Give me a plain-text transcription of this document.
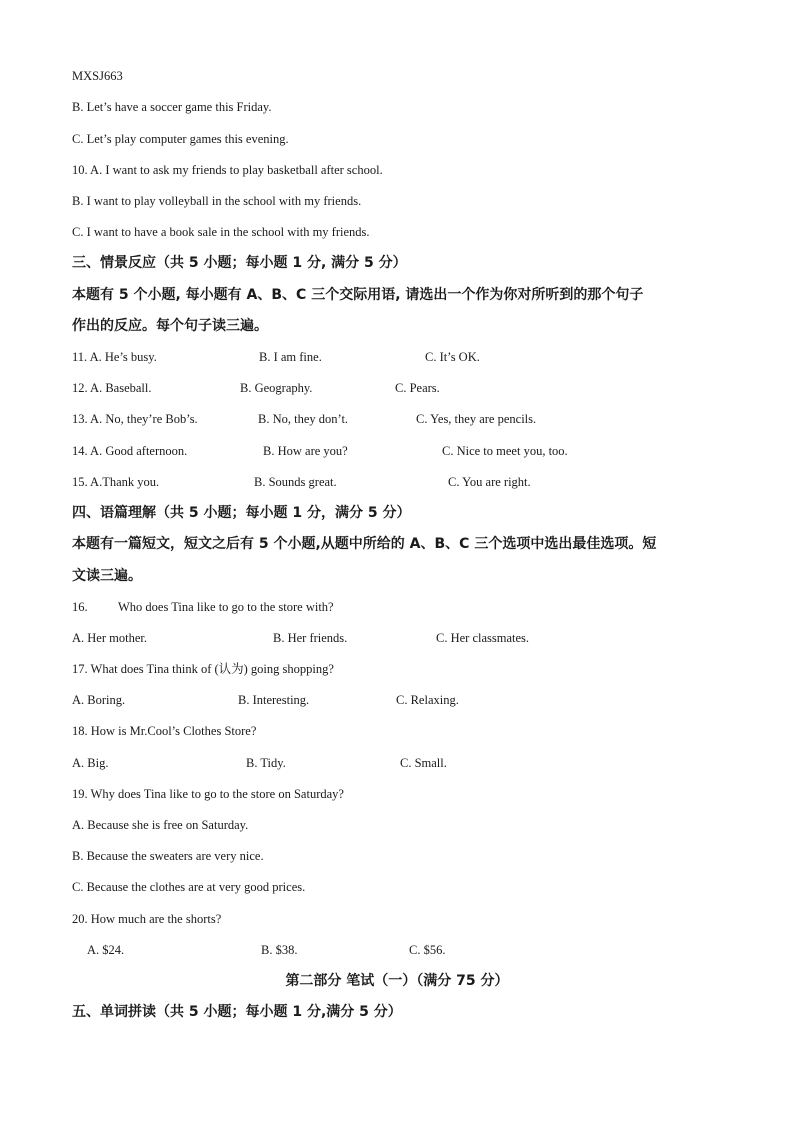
MXSJ663
B. Let’s have a soccer game this Friday.
C. Let’s play computer games this evening.
10. A. I want to ask my friends to play basketball after school.
B. I want to play volleyball in the school with my friends.
C. I want to have a book sale in the school with my friends.
三、情景反应（共 5 小题；每小题 1 分, 满分 5 分）
本题有 5 个小题, 每小题有 A、B、C 三个交际用语, 请选出一个作为你对所听到的那个句子
作出的反应。每个句子读三遍。
11. A. He’s busy.	B. I am fine.	C. It’s OK.
12. A. Baseball.	B. Geography.	C. Pears.
13. A. No, they’re Bob’s.	B. No, they don’t.	C. Yes, they are pencils.
14. A. Good afternoon.	B. How are you?	C. Nice to meet you, too.
15. A.Thank you.	B. Sounds great.	C. You are right.
四、语篇理解（共 5 小题；每小题 1 分，满分 5 分）
本题有一篇短文，短文之后有 5 个小题,从题中所给的 A、B、C 三个选项中选出最佳选项。短
文读三遍。
16. Who does Tina like to go to the store with?
A. Her mother.	B. Her friends.	C. Her classmates.
17. What does Tina think of (认为) going shopping?
A. Boring.	B. Interesting.	C. Relaxing.
18. How is Mr.Cool’s Clothes Store?
A. Big.	B. Tidy.	C. Small.
19. Why does Tina like to go to the store on Saturday?
A. Because she is free on Saturday.
B. Because the sweaters are very nice.
C. Because the clothes are at very good prices.
20. How much are the shorts?
A. $24.	B. $38.	C. $56.
第二部分 笔试（一）（满分 75 分）
五、单词拼读（共 5 小题；每小题 1 分,满分 5 分）
